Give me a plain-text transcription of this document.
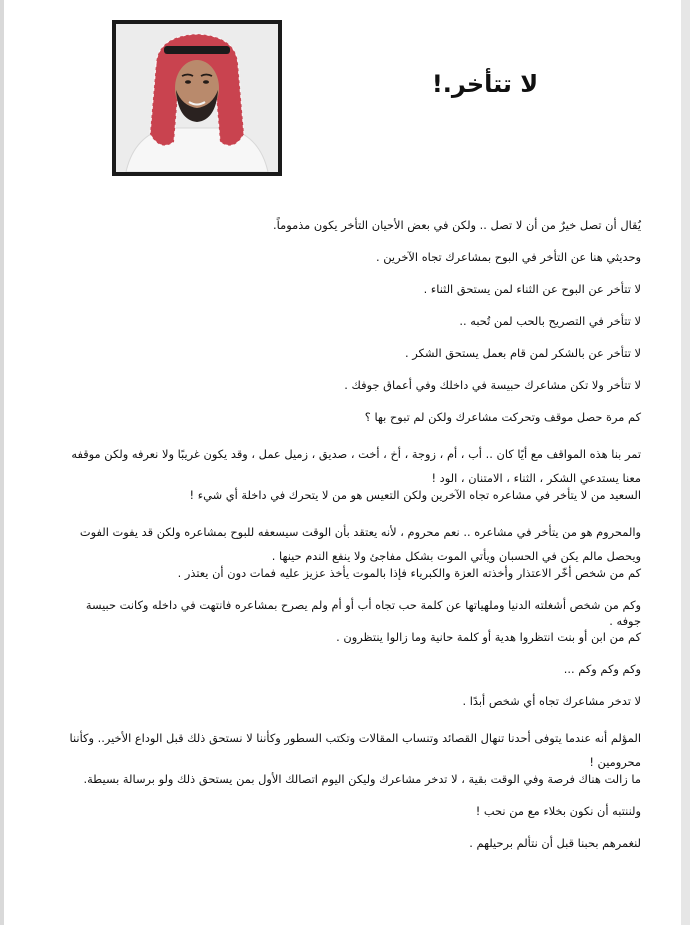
لا تتأخر.!

يُقال أن تصل خيرٌ من أن لا تصل .. ولكن في بعض الأحيان التأخر يكون مذموماً.

وحديثي هنا عن التأخر في البوح بمشاعرك تجاه الآخرين .

لا تتأخر عن البوح عن الثناء لمن يستحق الثناء .

لا تتأخر في التصريح بالحب لمن تُحبه ..

لا تتأخر عن بالشكر لمن قام بعمل يستحق الشكر .

لا تتأخر ولا تكن مشاعرك حبيسة في داخلك وفي أعماق جوفك .

كم مرة حصل موقف وتحركت مشاعرك ولكن لم تبوح بها ؟

تمر بنا هذه المواقف مع أيًا كان .. أب ، أم ، زوجة ، أخ ، أخت ، صديق ، زميل عمل ، وقد يكون غريبًا ولا نعرفه ولكن موقفه معنا يستدعي الشكر ، الثناء ، الامتنان ، الود !

السعيد من لا يتأخر في مشاعره تجاه الآخرين ولكن التعيس هو من لا يتحرك في داخلة أي شيء !

والمحروم هو من يتأخر في مشاعره .. نعم محروم ، لأنه يعتقد بأن الوقت سيسعفه للبوح بمشاعره ولكن قد يفوت الفوت ويحصل مالم يكن في الحسبان ويأتي الموت بشكل مفاجئ ولا ينفع الندم حينها .

كم من شخص أخّر الاعتذار وأخذته العزة والكبرياء فإذا بالموت يأخذ عزيز عليه فمات دون أن يعتذر .

وكم من شخص أشغلته الدنيا وملهياتها عن كلمة حب تجاه أب أو أم ولم يصرح بمشاعره فانتهت في داخله وكانت حبيسة جوفه .

كم من ابن أو بنت انتظروا هدية أو كلمة حانية وما زالوا ينتظرون .

وكم وكم وكم ...

لا تدخر مشاعرك تجاه أي شخص أبدًا .

المؤلم أنه عندما يتوفى أحدنا تنهال القصائد وتنساب المقالات وتكتب السطور وكأننا لا نستحق ذلك قبل الوداع الأخير.. وكأننا محرومين !

ما زالت هناك فرصة وفي الوقت بقية ، لا تدخر مشاعرك وليكن اليوم اتصالك الأول بمن يستحق ذلك ولو برسالة بسيطة.

ولننتبه أن نكون بخلاء مع من نحب !

لنغمرهم بحبنا قبل أن نتألم برحيلهم .
